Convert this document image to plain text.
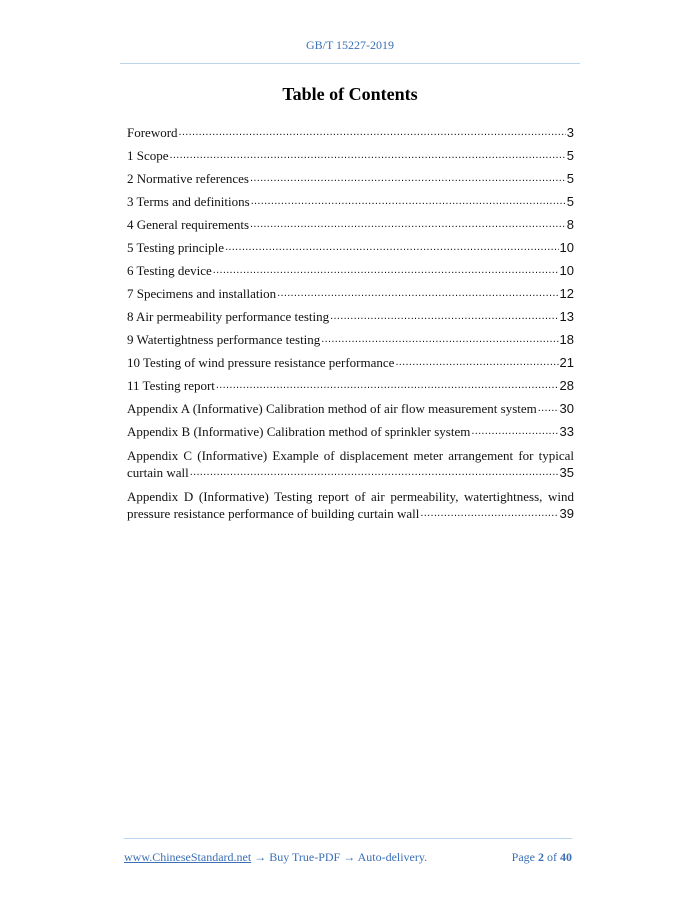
GB/T 15227-2019
Table of Contents
Foreword .....	3
1 Scope .....	5
2 Normative references .....	5
3 Terms and definitions .....	5
4 General requirements .....	8
5 Testing principle .....	10
6 Testing device .....	10
7 Specimens and installation .....	12
8 Air permeability performance testing .....	13
9 Watertightness performance testing .....	18
10 Testing of wind pressure resistance performance .....	21
11 Testing report .....	28
Appendix A (Informative) Calibration method of air flow measurement system ..... 30
Appendix B (Informative) Calibration method of sprinkler system .....	33
Appendix C (Informative) Example of displacement meter arrangement for typical
curtain wall .....	35
Appendix D (Informative) Testing report of air permeability, watertightness, wind
pressure resistance performance of building curtain wall .....	39
www.ChineseStandard.net → Buy True-PDF → Auto-delivery.	Page 2 of 40
